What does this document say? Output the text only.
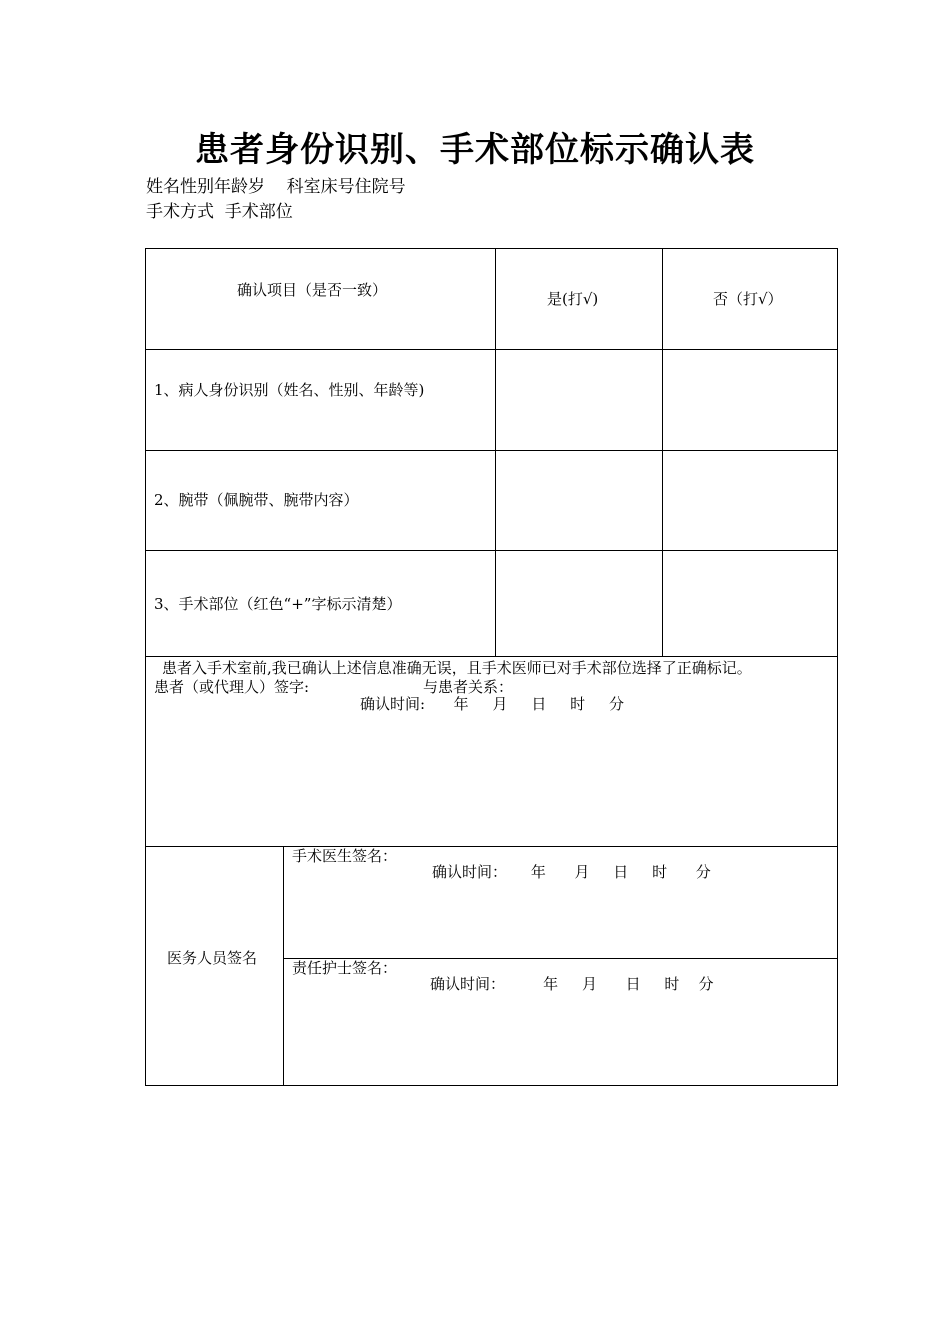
患者身份识别、手术部位标示确认表
姓名性别年龄岁    科室床号住院号
手术方式  手术部位
确认项目（是否一致）	是(打√)	否（打√）
1、病人身份识别（姓名、性别、年龄等)
2、腕带（佩腕带、腕带内容）
3、手术部位（红色“+”字标示清楚）
患者入手术室前,我已确认上述信息准确无误，且手术医师已对手术部位选择了正确标记。
患者（或代理人）签字:	与患者关系：
确认时间:      年     月     日     时     分
医务人员签名
手术医生签名：
确认时间：     年      月     日     时      分
责任护士签名：
确认时间：        年     月      日     时    分
